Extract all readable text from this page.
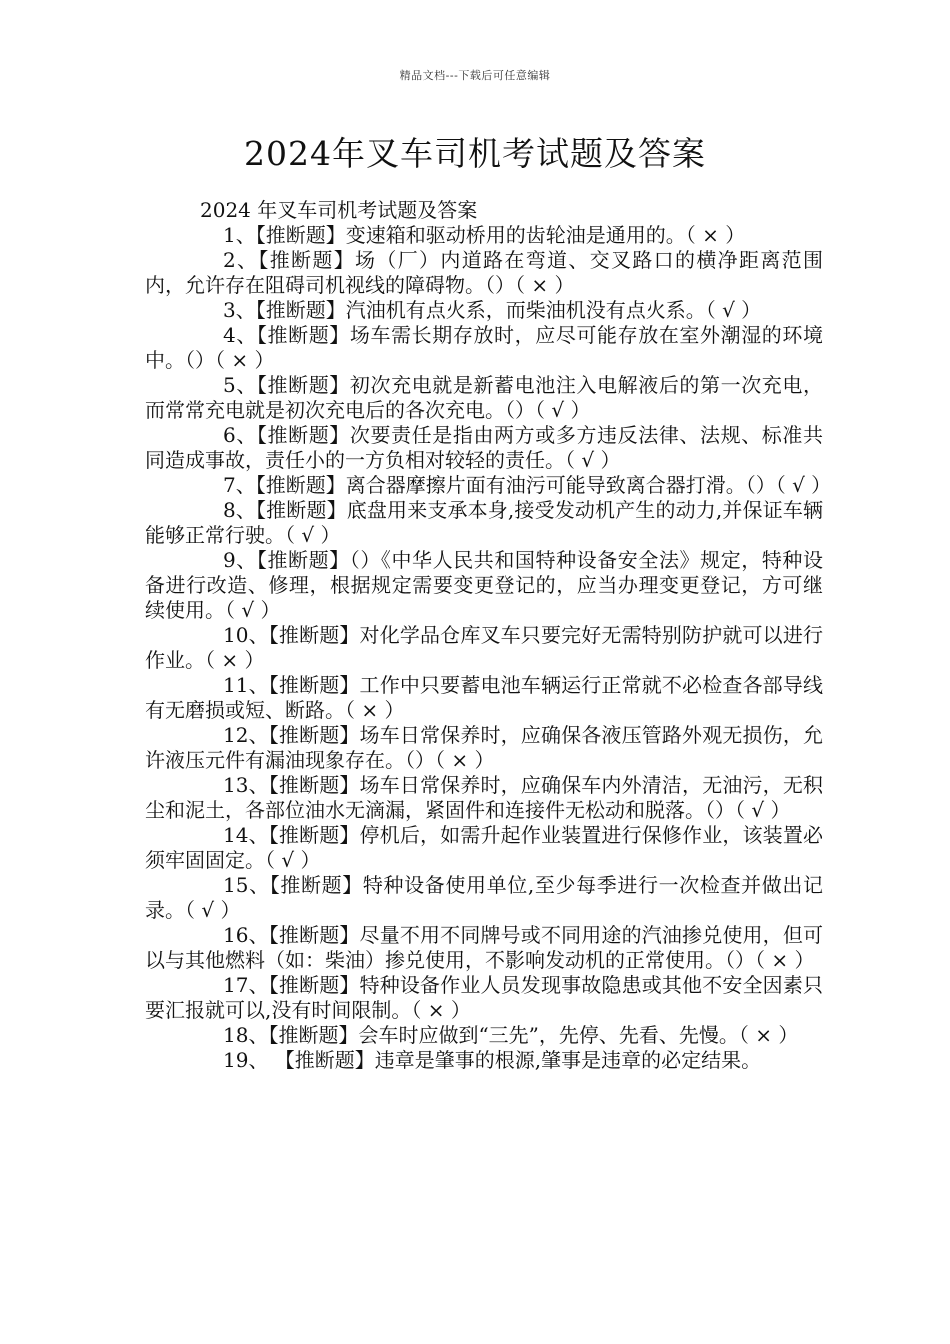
精品文档---下载后可任意编辑
2024年叉车司机考试题及答案

2024 年叉车司机考试题及答案

1、【推断题】变速箱和驱动桥用的齿轮油是通用的。（ × ）

2、【推断题】场（厂）内道路在弯道、交叉路口的横净距离范围内，允许存在阻碍司机视线的障碍物。（）（ × ）

3、【推断题】汽油机有点火系，而柴油机没有点火系。（ √ ）

4、【推断题】场车需长期存放时，应尽可能存放在室外潮湿的环境中。（）（ × ）

5、【推断题】初次充电就是新蓄电池注入电解液后的第一次充电，而常常充电就是初次充电后的各次充电。（）（ √ ）

6、【推断题】次要责任是指由两方或多方违反法律、法规、标准共同造成事故，责任小的一方负相对较轻的责任。（ √ ）

7、【推断题】离合器摩擦片面有油污可能导致离合器打滑。（）（ √ ）

8、【推断题】底盘用来支承本身,接受发动机产生的动力,并保证车辆能够正常行驶。（ √ ）

9、【推断题】（）《中华人民共和国特种设备安全法》规定，特种设备进行改造、修理，根据规定需要变更登记的，应当办理变更登记，方可继续使用。（ √ ）

10、【推断题】对化学品仓库叉车只要完好无需特别防护就可以进行作业。（ × ）

11、【推断题】工作中只要蓄电池车辆运行正常就不必检查各部导线有无磨损或短、断路。（ × ）

12、【推断题】场车日常保养时，应确保各液压管路外观无损伤，允许液压元件有漏油现象存在。（）（ × ）

13、【推断题】场车日常保养时，应确保车内外清洁，无油污，无积尘和泥土，各部位油水无滴漏，紧固件和连接件无松动和脱落。（）（ √ ）

14、【推断题】停机后，如需升起作业装置进行保修作业，该装置必须牢固固定。（ √ ）

15、【推断题】特种设备使用单位,至少每季进行一次检查并做出记录。（ √ ）

16、【推断题】尽量不用不同牌号或不同用途的汽油掺兑使用，但可以与其他燃料（如：柴油）掺兑使用，不影响发动机的正常使用。（）（ × ）

17、【推断题】特种设备作业人员发现事故隐患或其他不安全因素只要汇报就可以,没有时间限制。（ × ）

18、【推断题】会车时应做到“三先”，先停、先看、先慢。（ × ）

19、 【推断题】违章是肇事的根源,肇事是违章的必定结果。
